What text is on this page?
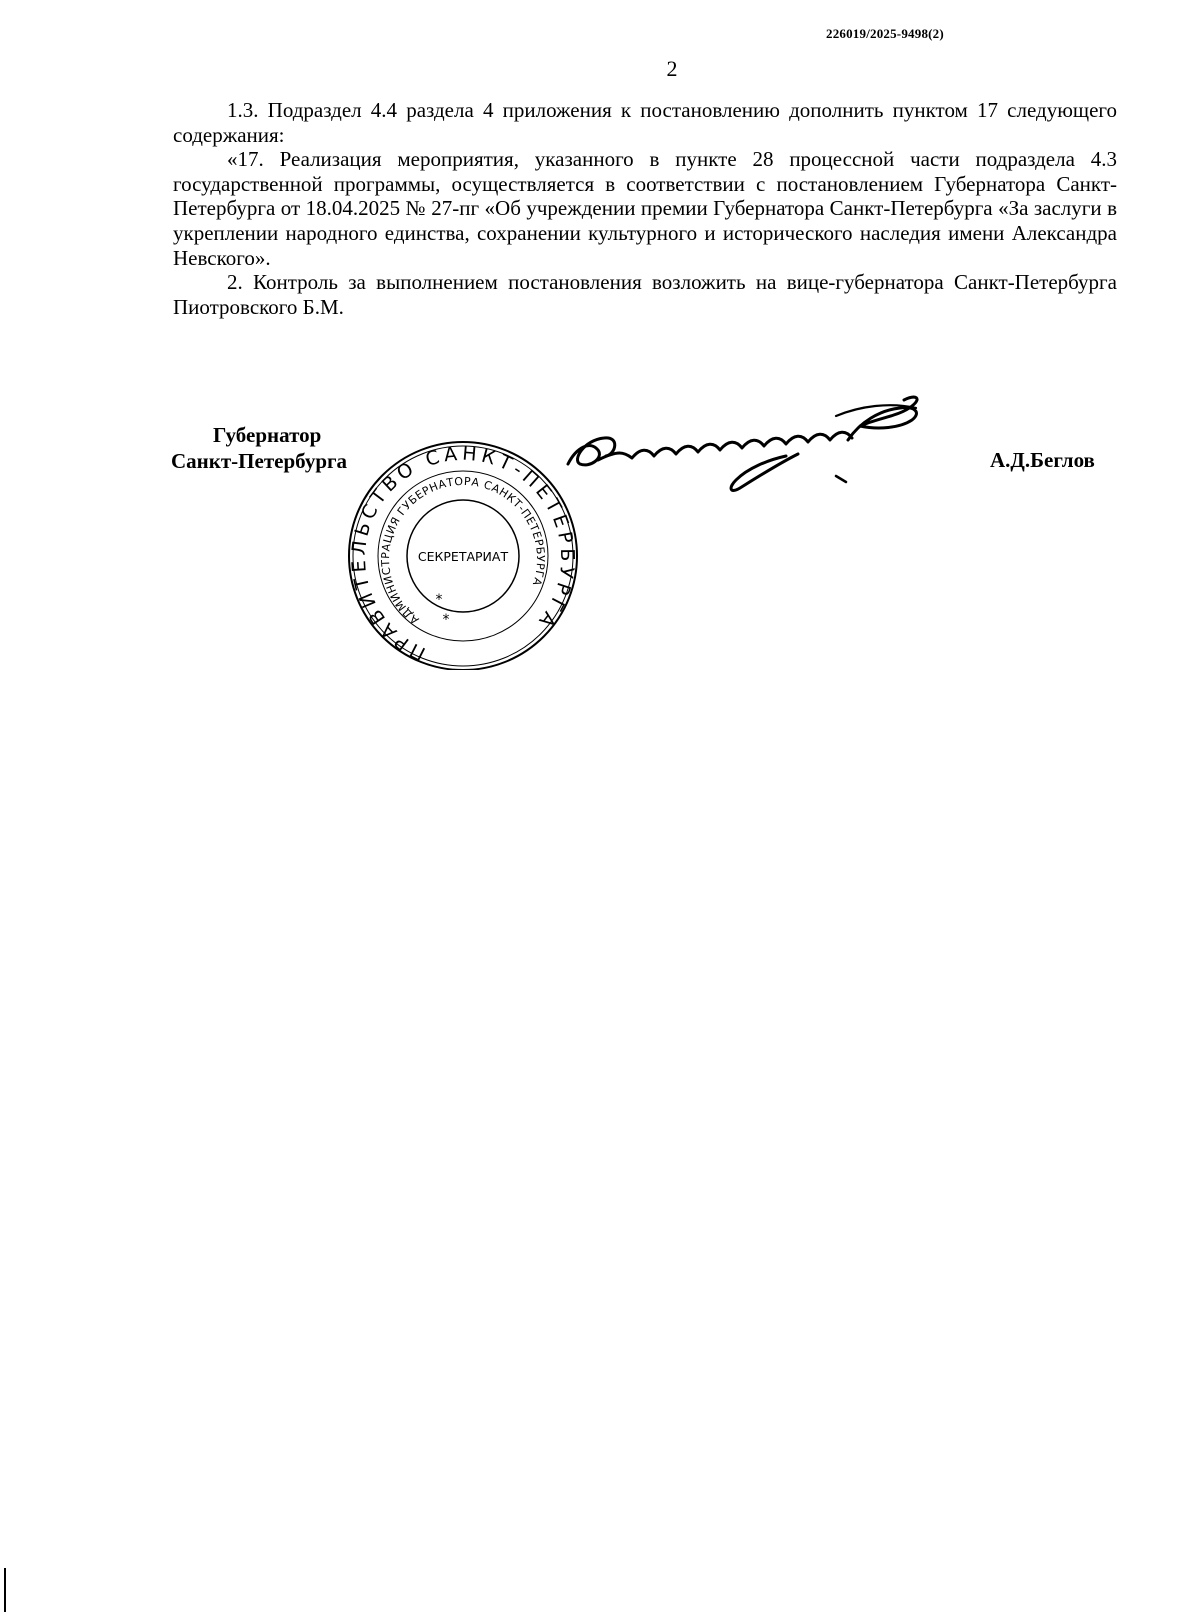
226019/2025-9498(2)
2

1.3. Подраздел 4.4 раздела 4 приложения к постановлению дополнить пунктом 17 следующего содержания:

«17. Реализация мероприятия, указанного в пункте 28 процессной части подраздела 4.3 государственной программы, осуществляется в соответствии с постановлением Губернатора Санкт-Петербурга от 18.04.2025 № 27-пг «Об учреждении премии Губернатора Санкт-Петербурга «За заслуги в укреплении народного единства, сохранении культурного и исторического наследия имени Александра Невского».

2. Контроль за выполнением постановления возложить на вице-губернатора Санкт-Петербурга Пиотровского Б.М.

Губернатор
Санкт-Петербурга	А.Д.Беглов
ПРАВИТЕЛЬСТВО САНКТ-ПЕТЕРБУРГА
АДМИНИСТРАЦИЯ ГУБЕРНАТОРА САНКТ-ПЕТЕРБУРГА
СЕКРЕТАРИАТ
*
*
